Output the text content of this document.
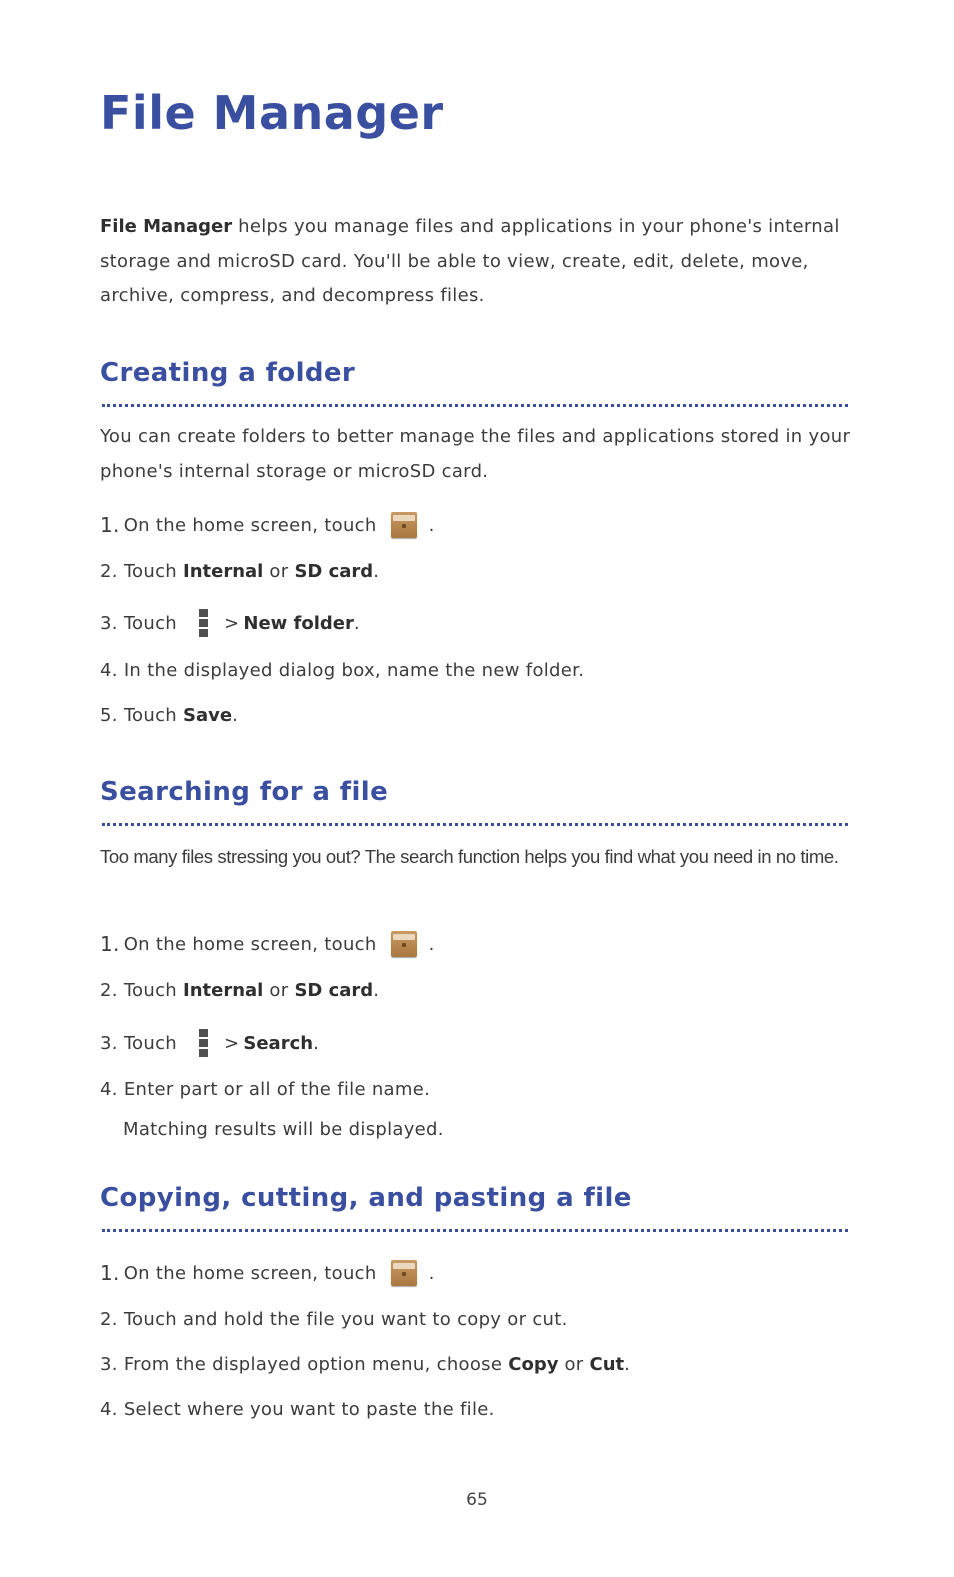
File Manager
File Manager helps you manage files and applications in your phone's internal storage and microSD card. You'll be able to view, create, edit, delete, move, archive, compress, and decompress files.
Creating a folder
You can create folders to better manage the files and applications stored in your phone's internal storage or microSD card.
1. On the home screen, touch	.
2.
Touch
Internal
or
SD card .
3.
Touch	> New folder .
4.
In the displayed dialog box, name the new folder.
5.
Touch
Save .
Searching for a file
Too many files stressing you out? The search function helps you find what you need in no time.
1. On the home screen, touch	.
2.
Touch
Internal
or
SD card .
3.
Touch	> Search .
4.
Enter part or all of the file name.
Matching results will be displayed.
Copying, cutting, and pasting a file
1. On the home screen, touch	.
2.
Touch and hold the file you want to copy or cut.
3.
From the displayed option menu, choose
Copy
or
Cut .
4.
Select where you want to paste the file.
65
